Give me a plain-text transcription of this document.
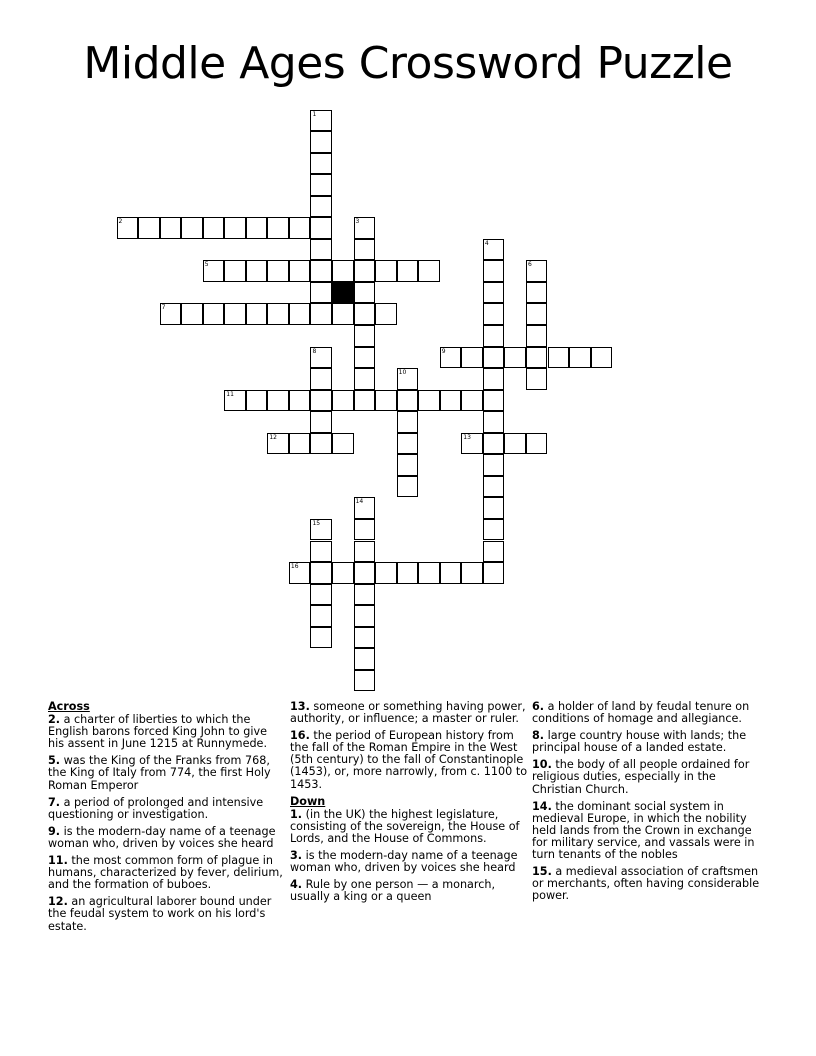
Middle Ages Crossword Puzzle
1
2	3
4
5	6
7
8	9
10
11
12	13
14
15
16
Across
2. a charter of liberties to which the English barons forced King John to give his assent in June 1215 at Runnymede.
5. was the King of the Franks from 768, the King of Italy from 774, the first Holy Roman Emperor
7. a period of prolonged and intensive questioning or investigation.
9. is the modern-day name of a teenage woman who, driven by voices she heard
11. the most common form of plague in humans, characterized by fever, delirium, and the formation of buboes.
12. an agricultural laborer bound under the feudal system to work on his lord's estate.
13. someone or something having power, authority, or influence; a master or ruler.
16. the period of European history from the fall of the Roman Empire in the West (5th century) to the fall of Constantinople (1453), or, more narrowly, from c. 1100 to 1453.
Down
1. (in the UK) the highest legislature, consisting of the sovereign, the House of Lords, and the House of Commons.
3. is the modern-day name of a teenage woman who, driven by voices she heard
4. Rule by one person — a monarch, usually a king or a queen
6. a holder of land by feudal tenure on conditions of homage and allegiance.
8. large country house with lands; the principal house of a landed estate.
10. the body of all people ordained for religious duties, especially in the Christian Church.
14. the dominant social system in medieval Europe, in which the nobility held lands from the Crown in exchange for military service, and vassals were in turn tenants of the nobles
15. a medieval association of craftsmen or merchants, often having considerable power.
